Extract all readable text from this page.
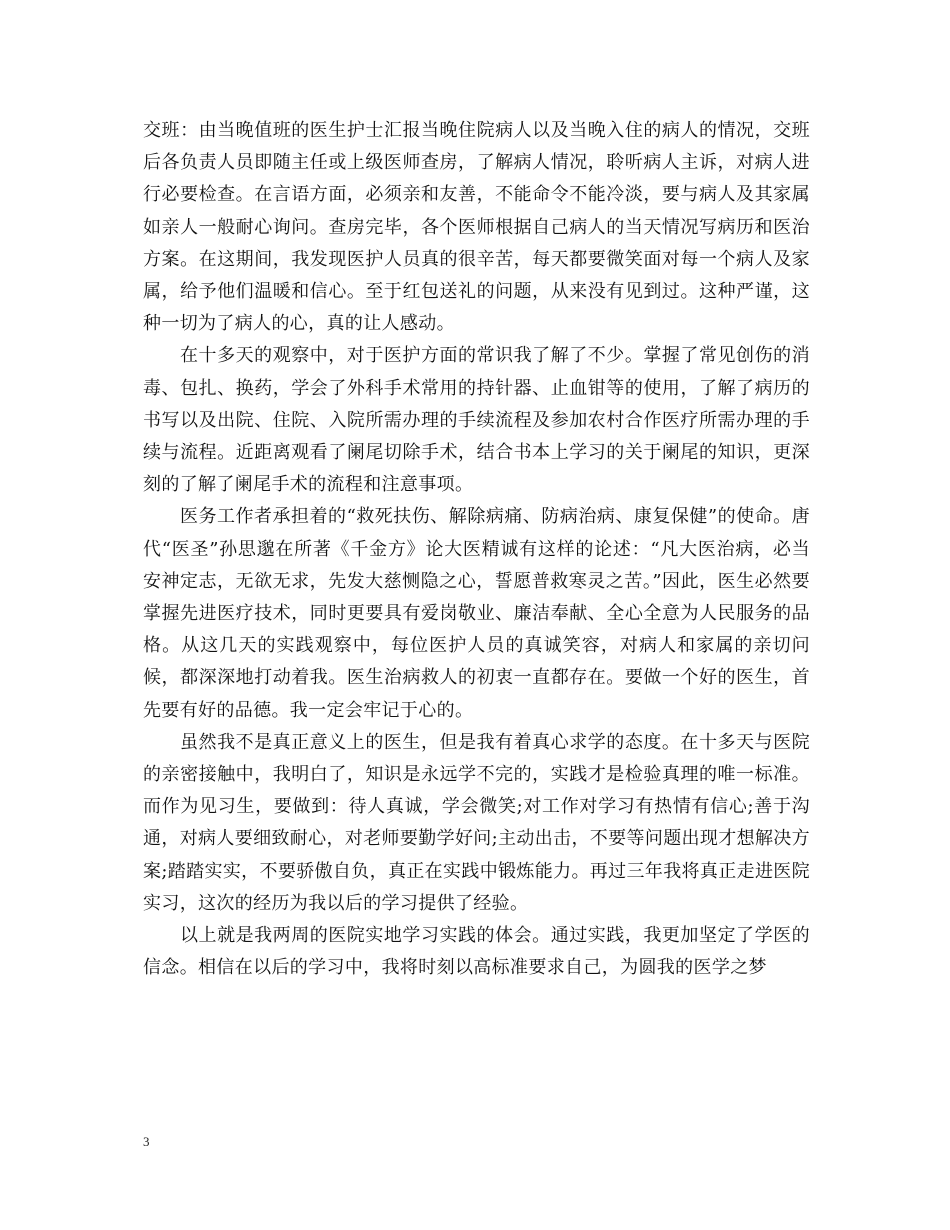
交班：由当晚值班的医生护士汇报当晚住院病人以及当晚入住的病人的情况，交班后各负责人员即随主任或上级医师查房，了解病人情况，聆听病人主诉，对病人进行必要检查。在言语方面，必须亲和友善，不能命令不能冷淡，要与病人及其家属如亲人一般耐心询问。查房完毕，各个医师根据自己病人的当天情况写病历和医治方案。在这期间，我发现医护人员真的很辛苦，每天都要微笑面对每一个病人及家属，给予他们温暖和信心。至于红包送礼的问题，从来没有见到过。这种严谨，这种一切为了病人的心，真的让人感动。

在十多天的观察中，对于医护方面的常识我了解了不少。掌握了常见创伤的消毒、包扎、换药，学会了外科手术常用的持针器、止血钳等的使用，了解了病历的书写以及出院、住院、入院所需办理的手续流程及参加农村合作医疗所需办理的手续与流程。近距离观看了阑尾切除手术，结合书本上学习的关于阑尾的知识，更深刻的了解了阑尾手术的流程和注意事项。

医务工作者承担着的“救死扶伤、解除病痛、防病治病、康复保健”的使命。唐代“医圣”孙思邈在所著《千金方》论大医精诚有这样的论述：“凡大医治病，必当安神定志，无欲无求，先发大慈恻隐之心，誓愿普救寒灵之苦。”因此，医生必然要掌握先进医疗技术，同时更要具有爱岗敬业、廉洁奉献、全心全意为人民服务的品格。从这几天的实践观察中，每位医护人员的真诚笑容，对病人和家属的亲切问候，都深深地打动着我。医生治病救人的初衷一直都存在。要做一个好的医生，首先要有好的品德。我一定会牢记于心的。

虽然我不是真正意义上的医生，但是我有着真心求学的态度。在十多天与医院的亲密接触中，我明白了，知识是永远学不完的，实践才是检验真理的唯一标准。而作为见习生，要做到：待人真诚，学会微笑;对工作对学习有热情有信心;善于沟通，对病人要细致耐心，对老师要勤学好问;主动出击，不要等问题出现才想解决方案;踏踏实实，不要骄傲自负，真正在实践中锻炼能力。再过三年我将真正走进医院实习，这次的经历为我以后的学习提供了经验。

以上就是我两周的医院实地学习实践的体会。通过实践，我更加坚定了学医的信念。相信在以后的学习中，我将时刻以高标准要求自己，为圆我的医学之梦

3
